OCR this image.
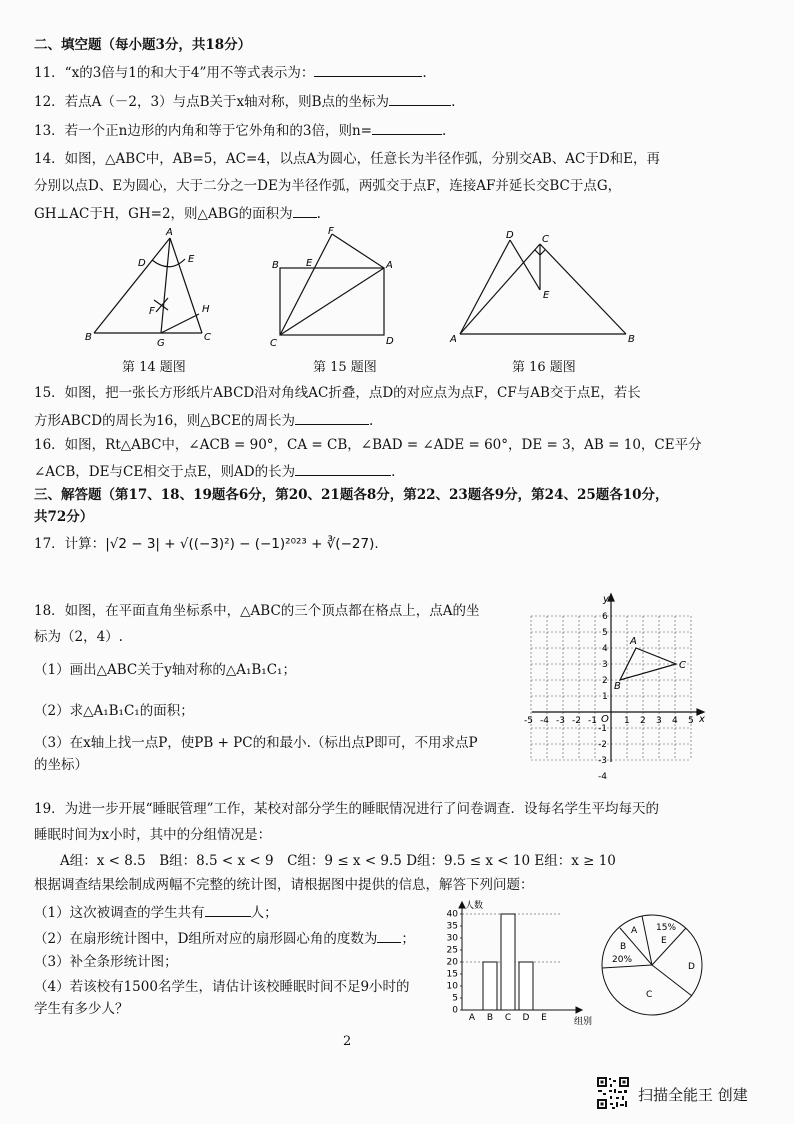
二、填空题（每小题3分，共18分）
11．“x的3倍与1的和大于4”用不等式表示为：	.
12．若点A（－2，3）与点B关于x轴对称，则B点的坐标为	.
13．若一个正n边形的内角和等于它外角和的3倍，则n=	.
14．如图，△ABC中，AB=5，AC=4，以点A为圆心，任意长为半径作弧，分别交AB、AC于D和E，再
分别以点D、E为圆心，大于二分之一DE为半径作弧，两弧交于点F，连接AF并延长交BC于点G，
GH⊥AC于H，GH=2，则△ABG的面积为 .
A
B	C
D	E
F
G
H
第 14 题图
B	A
C	D
E
F
第 15 题图
A	B
C
D
E
第 16 题图
15．如图，把一张长方形纸片ABCD沿对角线AC折叠，点D的对应点为点F，CF与AB交于点E，若长
方形ABCD的周长为16，则△BCE的周长为	.
16．如图，Rt△ABC中，∠ACB = 90°，CA = CB，∠BAD = ∠ADE = 60°，DE = 3，AB = 10，CE平分
∠ACB，DE与CE相交于点E，则AD的长为	.
三、解答题（第17、18、19题各6分，第20、21题各8分，第22、23题各9分，第24、25题各10分，
共72分）
17．计算：|√2 − 3| + √((−3)²) − (−1)²⁰²³ + ∛(−27).
18．如图，在平面直角坐标系中，△ABC的三个顶点都在格点上，点A的坐
标为（2，4）.
（1）画出△ABC关于y轴对称的△A₁B₁C₁；
（2）求△A₁B₁C₁的面积；
（3）在x轴上找一点P，使PB + PC的和最小.（标出点P即可，不用求点P
的坐标）
-5 -4 -3 -2 -1	1 2 3 4 5
6
5
4
3
2
1
-1
-2
-3
-4
x
y
O
A
B
C
19．为进一步开展“睡眠管理”工作，某校对部分学生的睡眠情况进行了问卷调查．设每名学生平均每天的
睡眠时间为x小时，其中的分组情况是：
A组：x < 8.5　B组：8.5 < x < 9　C组：9 ≤ x < 9.5 D组：9.5 ≤ x < 10 E组：x ≥ 10
根据调查结果绘制成两幅不完整的统计图，请根据图中提供的信息，解答下列问题：
（1）这次被调查的学生共有	人；
（2）在扇形统计图中，D组所对应的扇形圆心角的度数为 ；
（3）补全条形统计图；
（4）若该校有1500名学生，请估计该校睡眠时间不足9小时的
学生有多少人？	0
5
10
15
20
25
30
35
40
A B C D E
人数
组别
A
B
20%
15%
E
D
C
2
扫描全能王 创建
